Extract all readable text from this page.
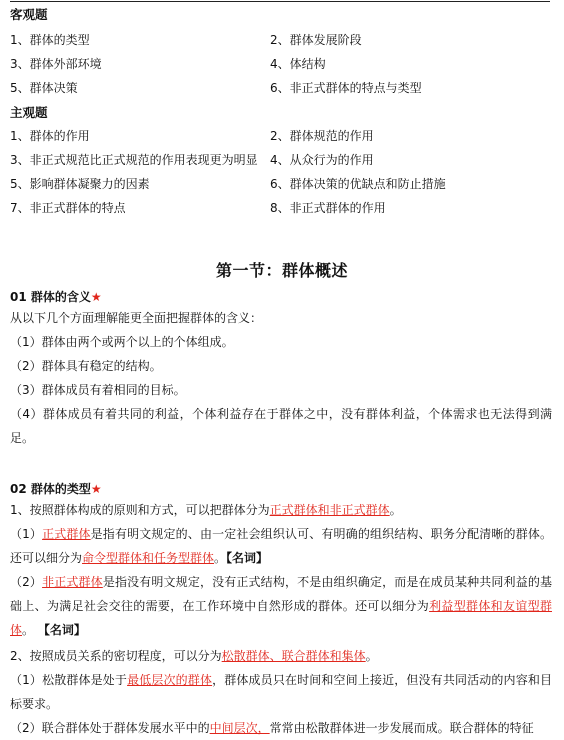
客观题
1、群体的类型	2、群体发展阶段
3、群体外部环境	4、体结构
5、群体决策	6、非正式群体的特点与类型
主观题
1、群体的作用	2、群体规范的作用
3、非正式规范比正式规范的作用表现更为明显 4、从众行为的作用
5、影响群体凝聚力的因素	6、群体决策的优缺点和防止措施
7、非正式群体的特点	8、非正式群体的作用
第一节：群体概述
01 群体的含义★
从以下几个方面理解能更全面把握群体的含义：
（1）群体由两个或两个以上的个体组成。
（2）群体具有稳定的结构。
（3）群体成员有着相同的目标。
（4）群体成员有着共同的利益，个体利益存在于群体之中，没有群体利益，个体需求也无法得到满足。
02 群体的类型★
1、按照群体构成的原则和方式，可以把群体分为正式群体和非正式群体。
（1）正式群体是指有明文规定的、由一定社会组织认可、有明确的组织结构、职务分配清晰的群体。还可以细分为命令型群体和任务型群体。【名词】
（2）非正式群体是指没有明文规定，没有正式结构，不是由组织确定，而是在成员某种共同利益的基础上、为满足社会交往的需要，在工作环境中自然形成的群体。还可以细分为利益型群体和友谊型群体。 【名词】
2、按照成员关系的密切程度，可以分为松散群体、联合群体和集体。
（1）松散群体是处于最低层次的群体，群体成员只在时间和空间上接近，但没有共同活动的内容和目标要求。
（2）联合群体处于群体发展水平中的中间层次，常常由松散群体进一步发展而成。联合群体的特征
